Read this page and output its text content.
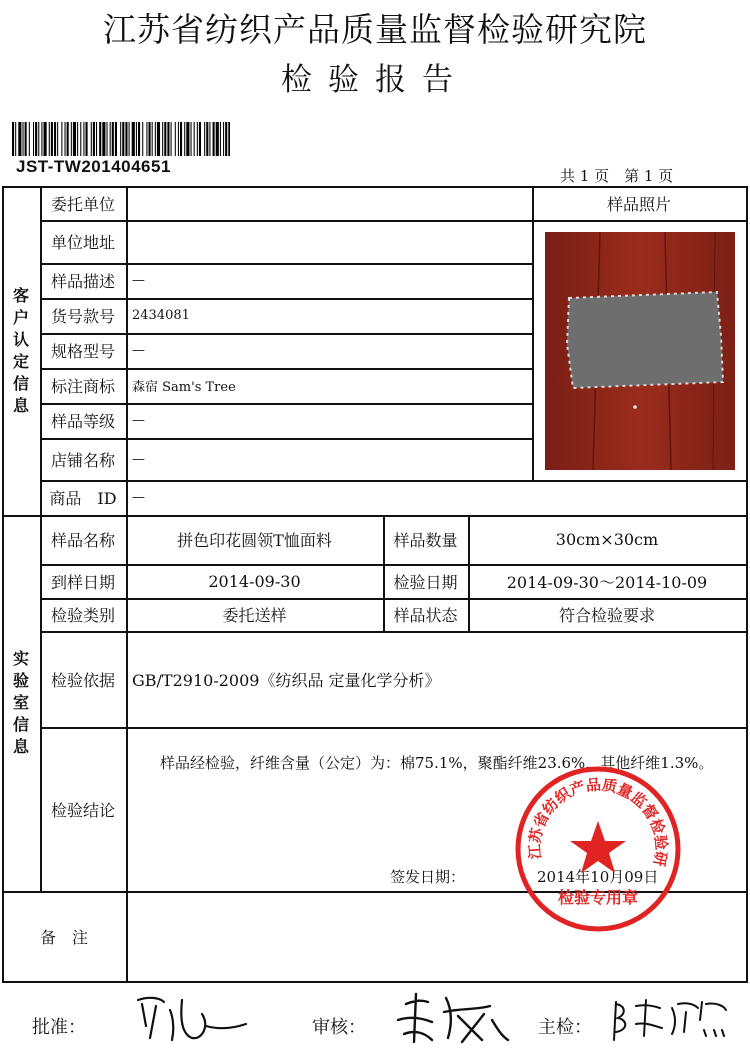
江苏省纺织产品质量监督检验研究院
检验报告
JST-TW201404651	共 1 页　第 1 页
客
户
认
定
信
息
样品照片
委托单位
单位地址
样品描述	—
货号款号	2434081
规格型号	—
标注商标	森宿 Sam's Tree
样品等级	—
店铺名称	—
商品　ID	—
实
验
室
信
息
样品名称	拼色印花圆领T恤面料	样品数量	30cm×30cm
到样日期	2014-09-30	检验日期	2014-09-30～2014-10-09
检验类别	委托送样	样品状态	符合检验要求
检验依据	GB/T2910-2009《纺织品 定量化学分析》
检验结论
样品经检验，纤维含量（公定）为：棉75.1%，聚酯纤维23.6%，其他纤维1.3%。
签发日期：	2014年10月09日
备　注
江苏省纺织产品质量监督检验研
检验专用章
批准：	审核：	主检：
